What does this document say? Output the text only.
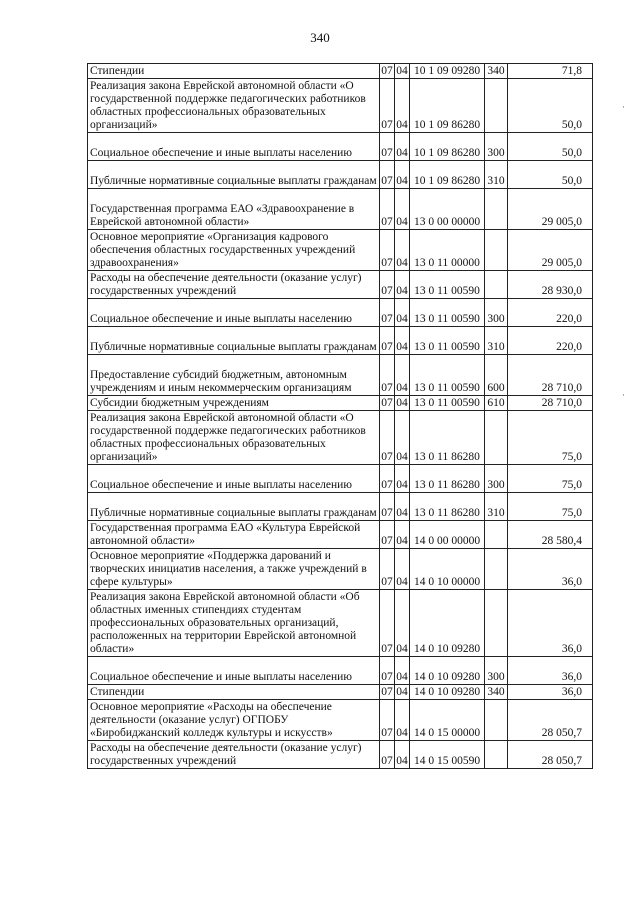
340
Стипендии	07	04	10 1 09 09280	340	71,8
Реализация закона Еврейской автономной области «О государственной поддержке педагогических работников областных профессиональных образовательных организаций»	07	04	10 1 09 86280		50,0
Социальное обеспечение и иные выплаты населению	07	04	10 1 09 86280	300	50,0
Публичные нормативные социальные выплаты гражданам	07	04	10 1 09 86280	310	50,0
Государственная программа ЕАО «Здравоохранение в Еврейской автономной области»	07	04	13 0 00 00000		29 005,0
Основное мероприятие «Организация кадрового обеспечения областных государственных учреждений здравоохранения»	07	04	13 0 11 00000		29 005,0
Расходы на обеспечение деятельности (оказание услуг) государственных учреждений	07	04	13 0 11 00590		28 930,0
Социальное обеспечение и иные выплаты населению	07	04	13 0 11 00590	300	220,0
Публичные нормативные социальные выплаты гражданам	07	04	13 0 11 00590	310	220,0
Предоставление субсидий бюджетным, автономным учреждениям и иным некоммерческим организациям	07	04	13 0 11 00590	600	28 710,0
Субсидии бюджетным учреждениям	07	04	13 0 11 00590	610	28 710,0
Реализация закона Еврейской автономной области «О государственной поддержке педагогических работников областных профессиональных образовательных организаций»	07	04	13 0 11 86280		75,0
Социальное обеспечение и иные выплаты населению	07	04	13 0 11 86280	300	75,0
Публичные нормативные социальные выплаты гражданам	07	04	13 0 11 86280	310	75,0
Государственная программа ЕАО «Культура Еврейской автономной области»	07	04	14 0 00 00000		28 580,4
Основное мероприятие «Поддержка дарований и творческих инициатив населения, а также учреждений в сфере культуры»	07	04	14 0 10 00000		36,0
Реализация закона Еврейской автономной области «Об областных именных стипендиях студентам профессиональных образовательных организаций, расположенных на территории Еврейской автономной области»	07	04	14 0 10 09280		36,0
Социальное обеспечение и иные выплаты населению	07	04	14 0 10 09280	300	36,0
Стипендии	07	04	14 0 10 09280	340	36,0
Основное мероприятие «Расходы на обеспечение деятельности (оказание услуг) ОГПОБУ «Биробиджанский колледж культуры и искусств»	07	04	14 0 15 00000		28 050,7
Расходы на обеспечение деятельности (оказание услуг) государственных учреждений	07	04	14 0 15 00590		28 050,7
·
·
